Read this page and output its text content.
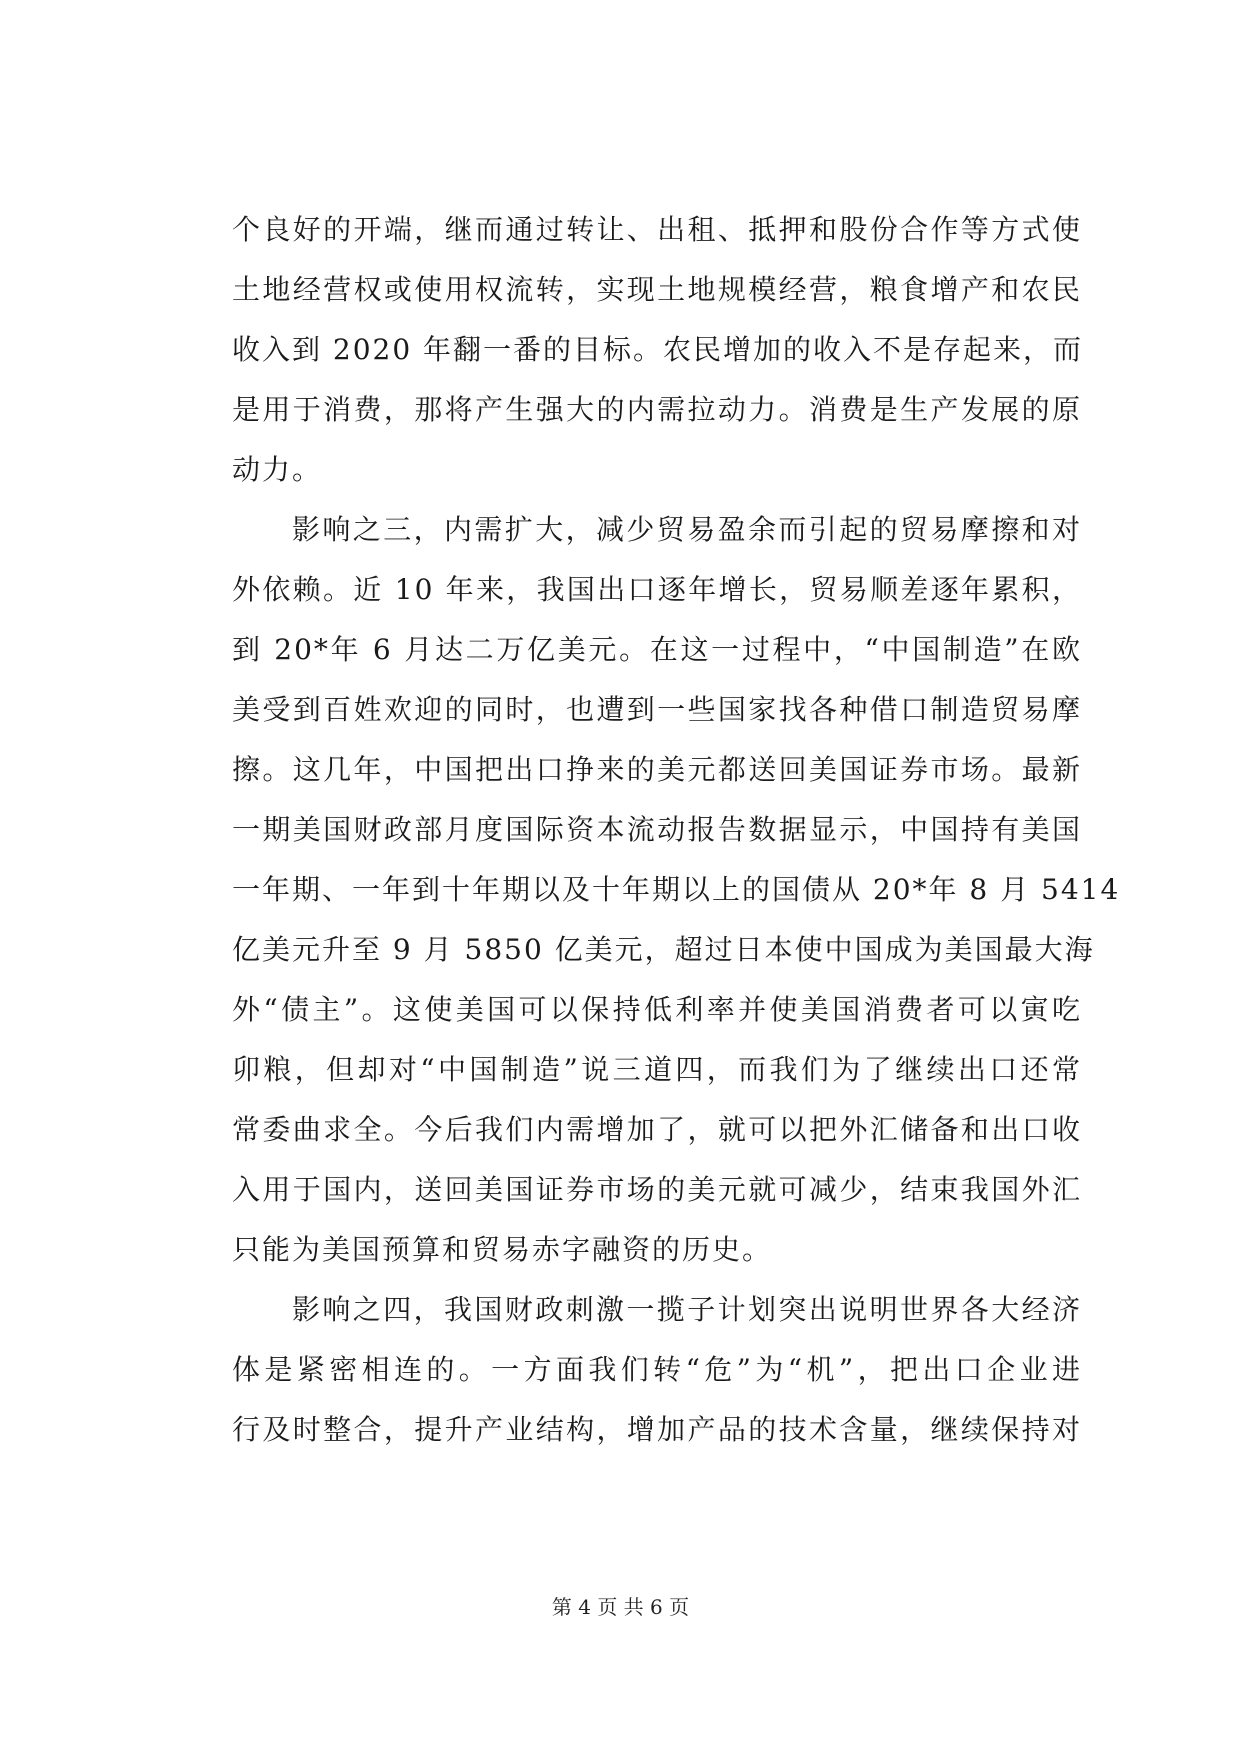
个良好的开端，继而通过转让、出租、抵押和股份合作等方式使
土地经营权或使用权流转，实现土地规模经营，粮食增产和农民
收入到 2020 年翻一番的目标。农民增加的收入不是存起来，而
是用于消费，那将产生强大的内需拉动力。消费是生产发展的原
动力。
影响之三，内需扩大，减少贸易盈余而引起的贸易摩擦和对
外依赖。近 10 年来，我国出口逐年增长，贸易顺差逐年累积，
到 20*年 6 月达二万亿美元。在这一过程中，“中国制造”在欧
美受到百姓欢迎的同时，也遭到一些国家找各种借口制造贸易摩
擦。这几年，中国把出口挣来的美元都送回美国证券市场。最新
一期美国财政部月度国际资本流动报告数据显示，中国持有美国
一年期、一年到十年期以及十年期以上的国债从 20*年 8 月 5414
亿美元升至 9 月 5850 亿美元，超过日本使中国成为美国最大海
外“债主”。这使美国可以保持低利率并使美国消费者可以寅吃
卯粮，但却对“中国制造”说三道四，而我们为了继续出口还常
常委曲求全。今后我们内需增加了，就可以把外汇储备和出口收
入用于国内，送回美国证券市场的美元就可减少，结束我国外汇
只能为美国预算和贸易赤字融资的历史。
影响之四，我国财政刺激一揽子计划突出说明世界各大经济
体是紧密相连的。一方面我们转“危”为“机”，把出口企业进
行及时整合，提升产业结构，增加产品的技术含量，继续保持对
第 4 页 共 6 页
